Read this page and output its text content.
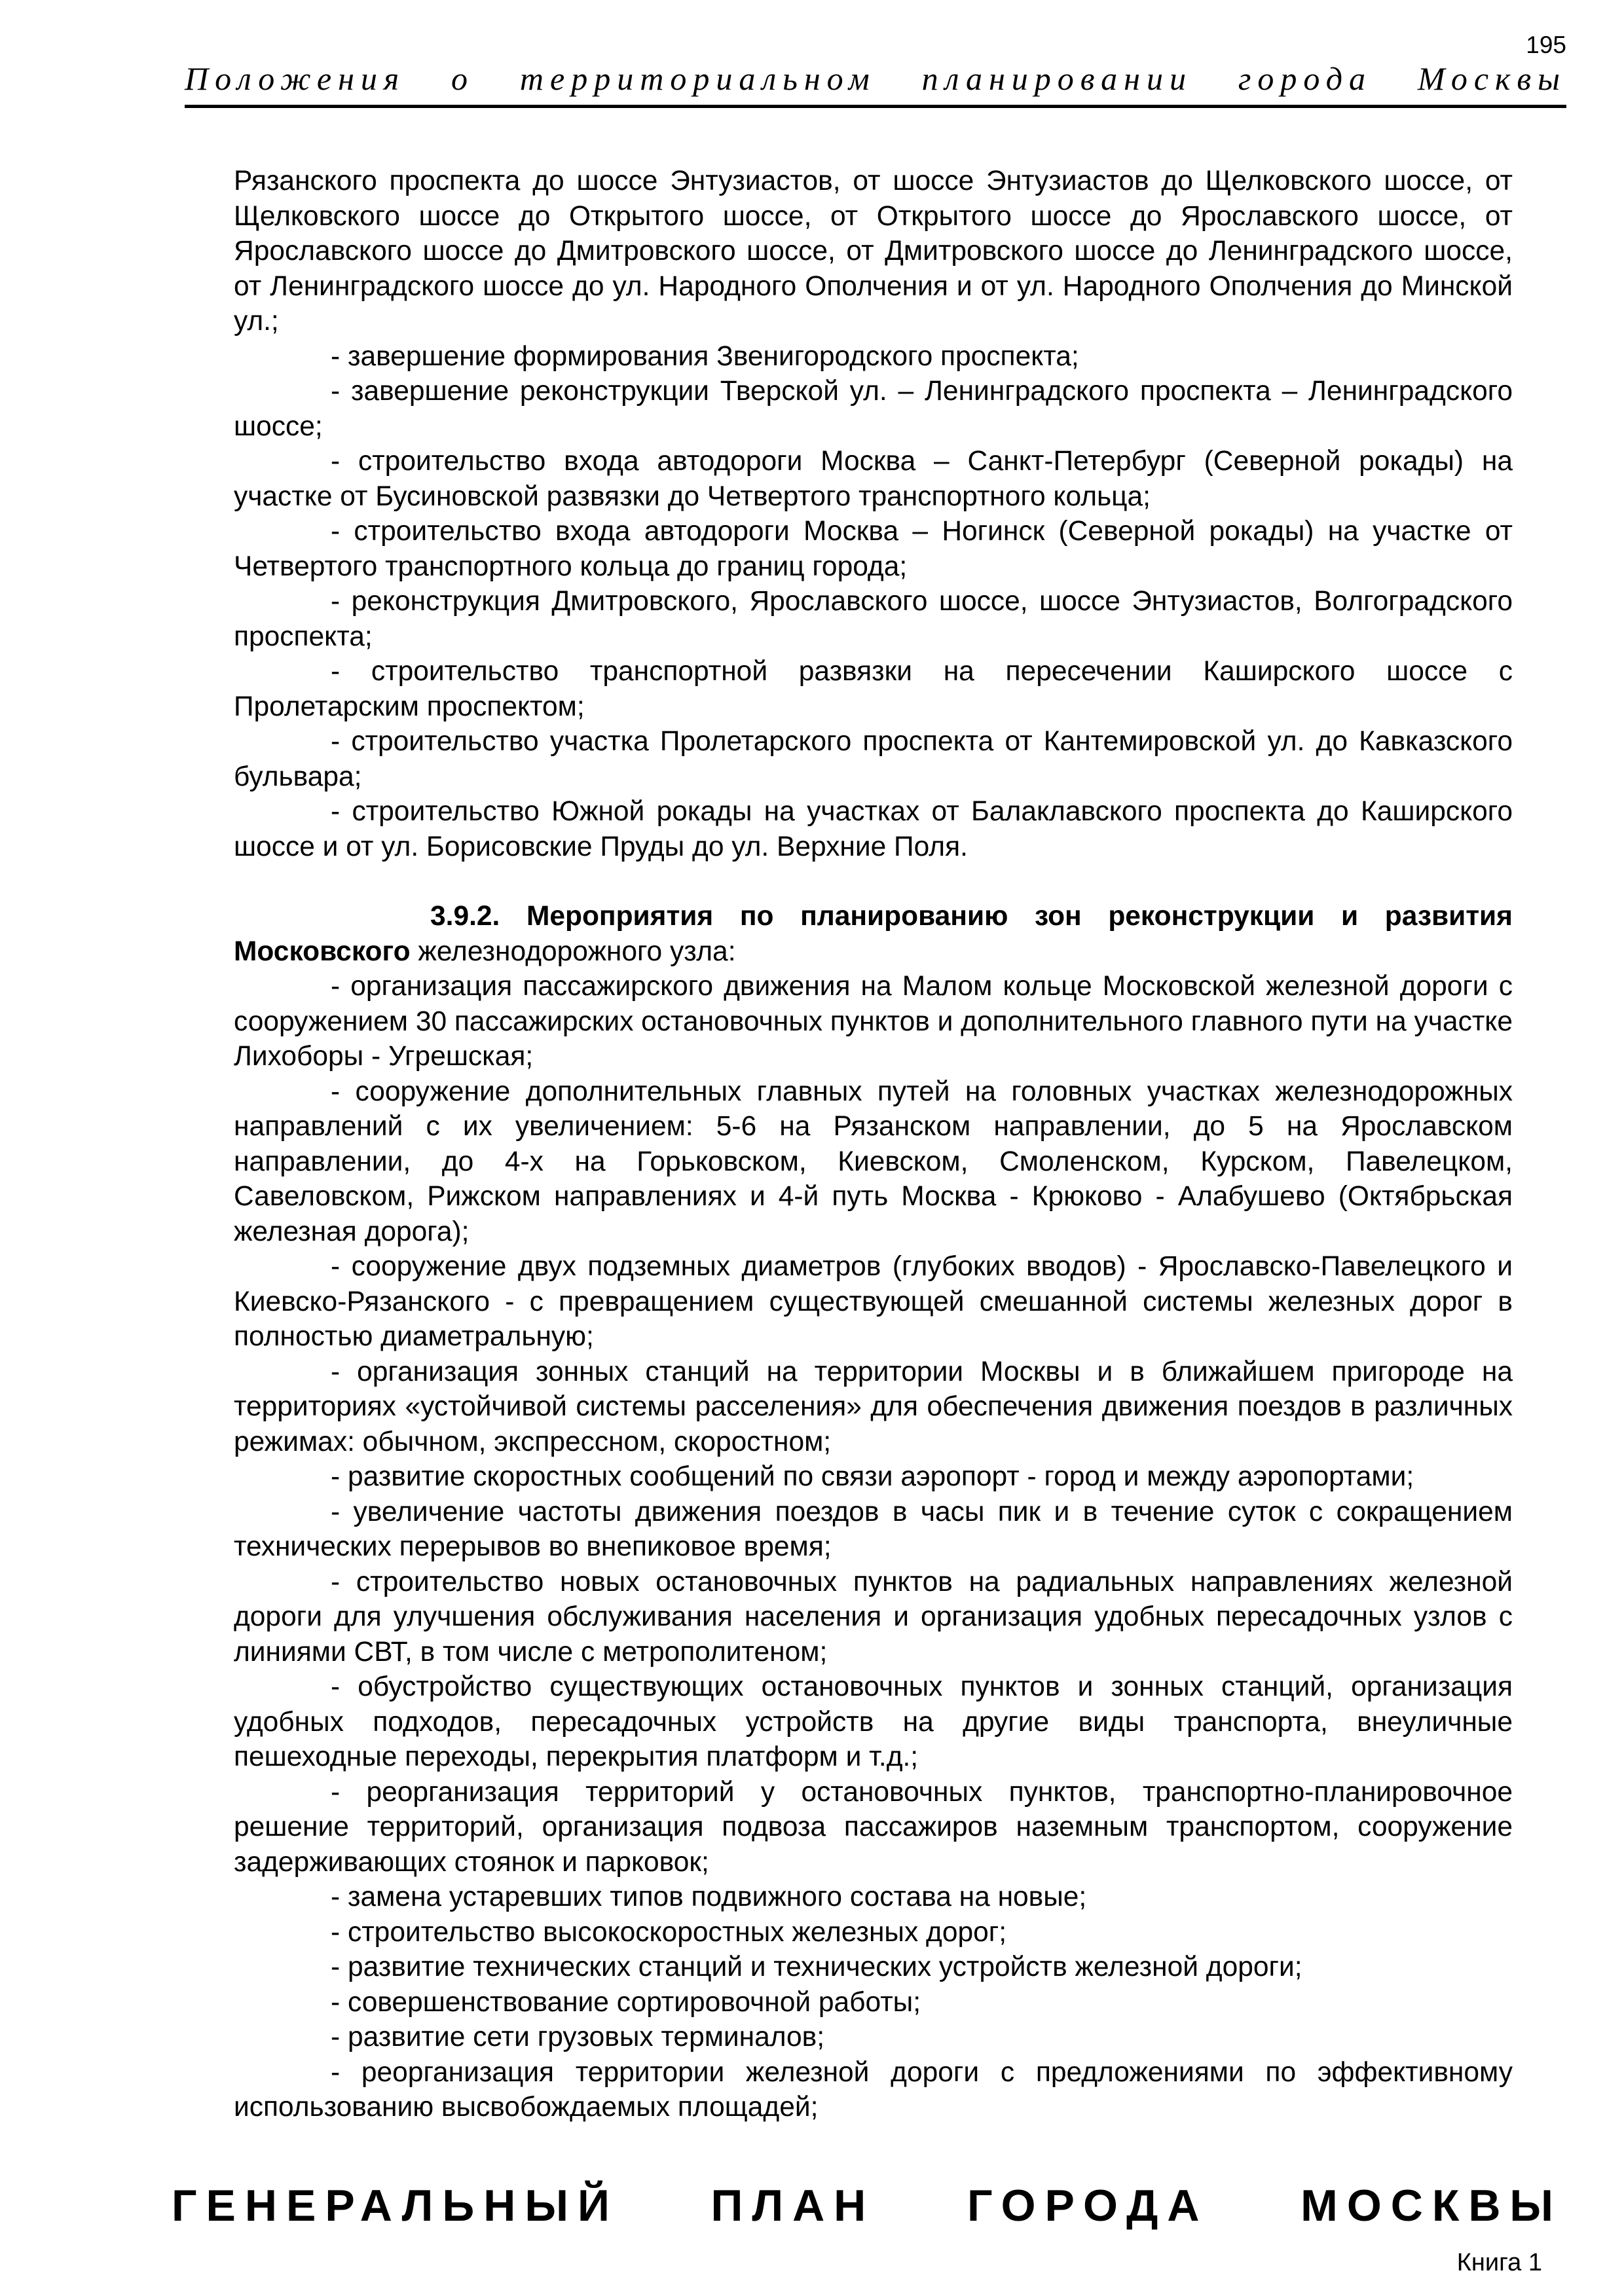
195
Положения о территориальном планировании города Москвы

Рязанского проспекта до шоссе Энтузиастов, от шоссе Энтузиастов до Щелковского шоссе, от Щелковского шоссе до Открытого шоссе, от Открытого шоссе до Ярославского шоссе, от Ярославского шоссе до Дмитровского шоссе, от Дмитровского шоссе до Ленинградского шоссе, от Ленинградского шоссе до ул. Народного Ополчения и от ул. Народного Ополчения до Минской ул.;

- завершение формирования Звенигородского проспекта;

- завершение реконструкции Тверской ул. – Ленинградского проспекта – Ленинградского шоссе;

- строительство входа автодороги Москва – Санкт-Петербург (Северной рокады) на участке от Бусиновской развязки до Четвертого транспортного кольца;

- строительство входа автодороги Москва – Ногинск (Северной рокады) на участке от Четвертого транспортного кольца до границ города;

- реконструкция Дмитровского, Ярославского шоссе, шоссе Энтузиастов, Волгоградского проспекта;

- строительство транспортной развязки на пересечении Каширского шоссе с Пролетарским проспектом;

- строительство участка Пролетарского проспекта от Кантемировской ул. до Кавказского бульвара;

- строительство Южной рокады на участках от Балаклавского проспекта до Каширского шоссе и от ул. Борисовские Пруды до ул. Верхние Поля.

3.9.2. Мероприятия по планированию зон реконструкции и развития Московского железнодорожного узла:

- организация пассажирского движения на Малом кольце Московской железной дороги с сооружением 30 пассажирских остановочных пунктов и дополнительного главного пути на участке Лихоборы - Угрешская;

- сооружение дополнительных главных путей на головных участках железнодорожных направлений с их увеличением: 5-6 на Рязанском направлении, до 5 на Ярославском направлении, до 4-х на Горьковском, Киевском, Смоленском, Курском, Павелецком, Савеловском, Рижском направлениях и 4-й путь Москва - Крюково - Алабушево (Октябрьская железная дорога);

- сооружение двух подземных диаметров (глубоких вводов) - Ярославско-Павелецкого и Киевско-Рязанского - с превращением существующей смешанной системы железных дорог в полностью диаметральную;

- организация зонных станций на территории Москвы и в ближайшем пригороде на территориях «устойчивой системы расселения» для обеспечения движения поездов в различных режимах: обычном, экспрессном, скоростном;

- развитие скоростных сообщений по связи аэропорт - город и между аэропортами;

- увеличение частоты движения поездов в часы пик и в течение суток с сокращением технических перерывов во внепиковое время;

- строительство новых остановочных пунктов на радиальных направлениях железной дороги для улучшения обслуживания населения и организация удобных пересадочных узлов с линиями СВТ, в том числе с метрополитеном;

- обустройство существующих остановочных пунктов и зонных станций, организация удобных подходов, пересадочных устройств на другие виды транспорта, внеуличные пешеходные переходы, перекрытия платформ и т.д.;

- реорганизация территорий у остановочных пунктов, транспортно-планировочное решение территорий, организация подвоза пассажиров наземным транспортом, сооружение задерживающих стоянок и парковок;

- замена устаревших типов подвижного состава на новые;

- строительство высокоскоростных железных дорог;

- развитие технических станций и технических устройств железной дороги;

- совершенствование сортировочной работы;

- развитие сети грузовых терминалов;

- реорганизация территории железной дороги с предложениями по эффективному использованию высвобождаемых площадей;

ГЕНЕРАЛЬНЫЙ ПЛАН ГОРОДА МОСКВЫ
Книга 1
